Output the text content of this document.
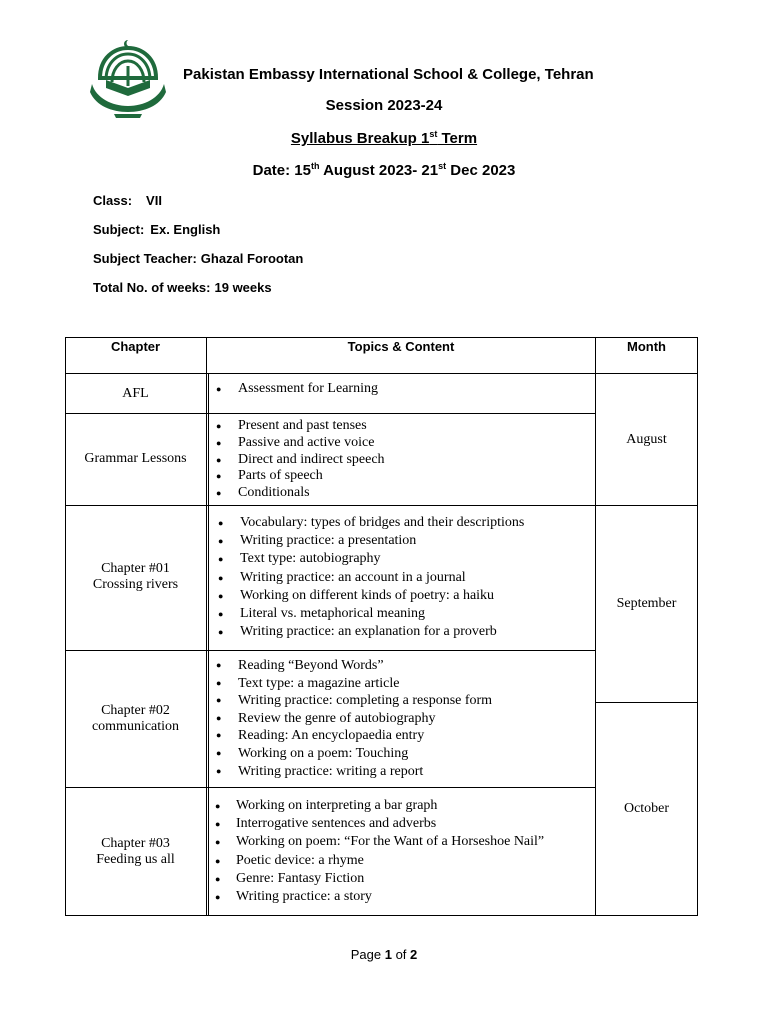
Pakistan Embassy International School & College, Tehran
Session 2023-24
Syllabus Breakup 1st Term
Date: 15th August 2023- 21st Dec 2023
Class: VII
Subject: Ex. English
Subject Teacher: Ghazal Forootan
Total No. of weeks: 19 weeks
Chapter	Topics & Content	Month
AFL
●	Assessment for Learning
Grammar Lessons
● Present and past tenses
● Passive and active voice
● Direct and indirect speech
● Parts of speech
● Conditionals
Chapter #01
Crossing rivers
● Vocabulary: types of bridges and their descriptions
● Writing practice: a presentation
● Text type: autobiography
● Writing practice: an account in a journal
● Working on different kinds of poetry: a haiku
● Literal vs. metaphorical meaning
● Writing practice: an explanation for a proverb
Chapter #02
communication
● Reading “Beyond Words”
● Text type: a magazine article
● Writing practice: completing a response form
● Review the genre of autobiography
● Reading: An encyclopaedia entry
● Working on a poem: Touching
● Writing practice: writing a report
Chapter #03
Feeding us all
● Working on interpreting a bar graph
● Interrogative sentences and adverbs
● Working on poem: “For the Want of a Horseshoe Nail”
● Poetic device: a rhyme
● Genre: Fantasy Fiction
● Writing practice: a story
August
September
October
Page 1 of 2
